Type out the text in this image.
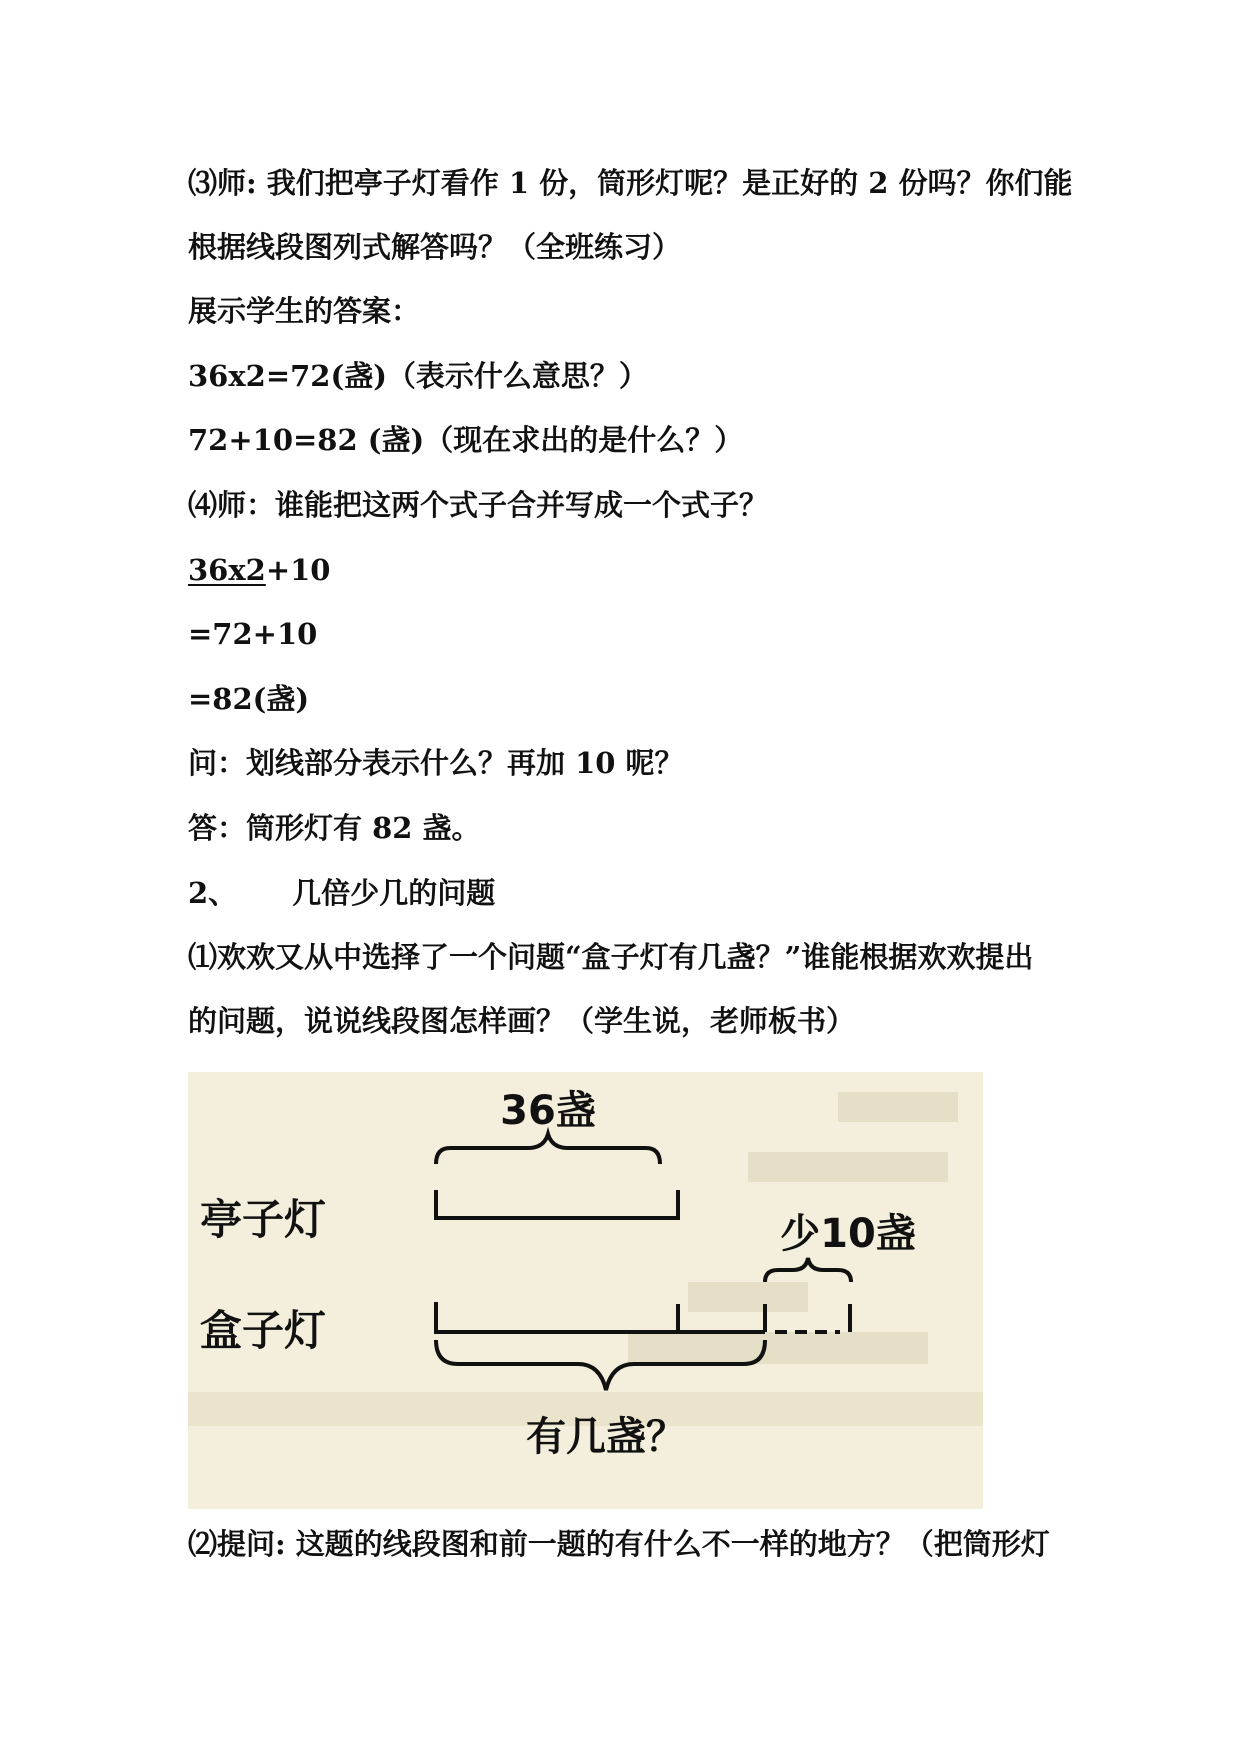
⑶师: 我们把亭子灯看作 1 份，筒形灯呢？是正好的 2 份吗？你们能
根据线段图列式解答吗？（全班练习）
展示学生的答案：
36x2=72(盏)（表示什么意思？）
72+10=82 (盏)（现在求出的是什么？）
⑷师：谁能把这两个式子合并写成一个式子？
36x2+10
=72+10
=82(盏)
问：划线部分表示什么？再加 10 呢？
答：筒形灯有 82 盏。
2、 几倍少几的问题
⑴欢欢又从中选择了一个问题“盒子灯有几盏？”谁能根据欢欢提出
的问题，说说线段图怎样画？（学生说，老师板书）
36盏
亭子灯	少10盏
盒子灯
有几盏？
⑵提问: 这题的线段图和前一题的有什么不一样的地方？（把筒形灯
